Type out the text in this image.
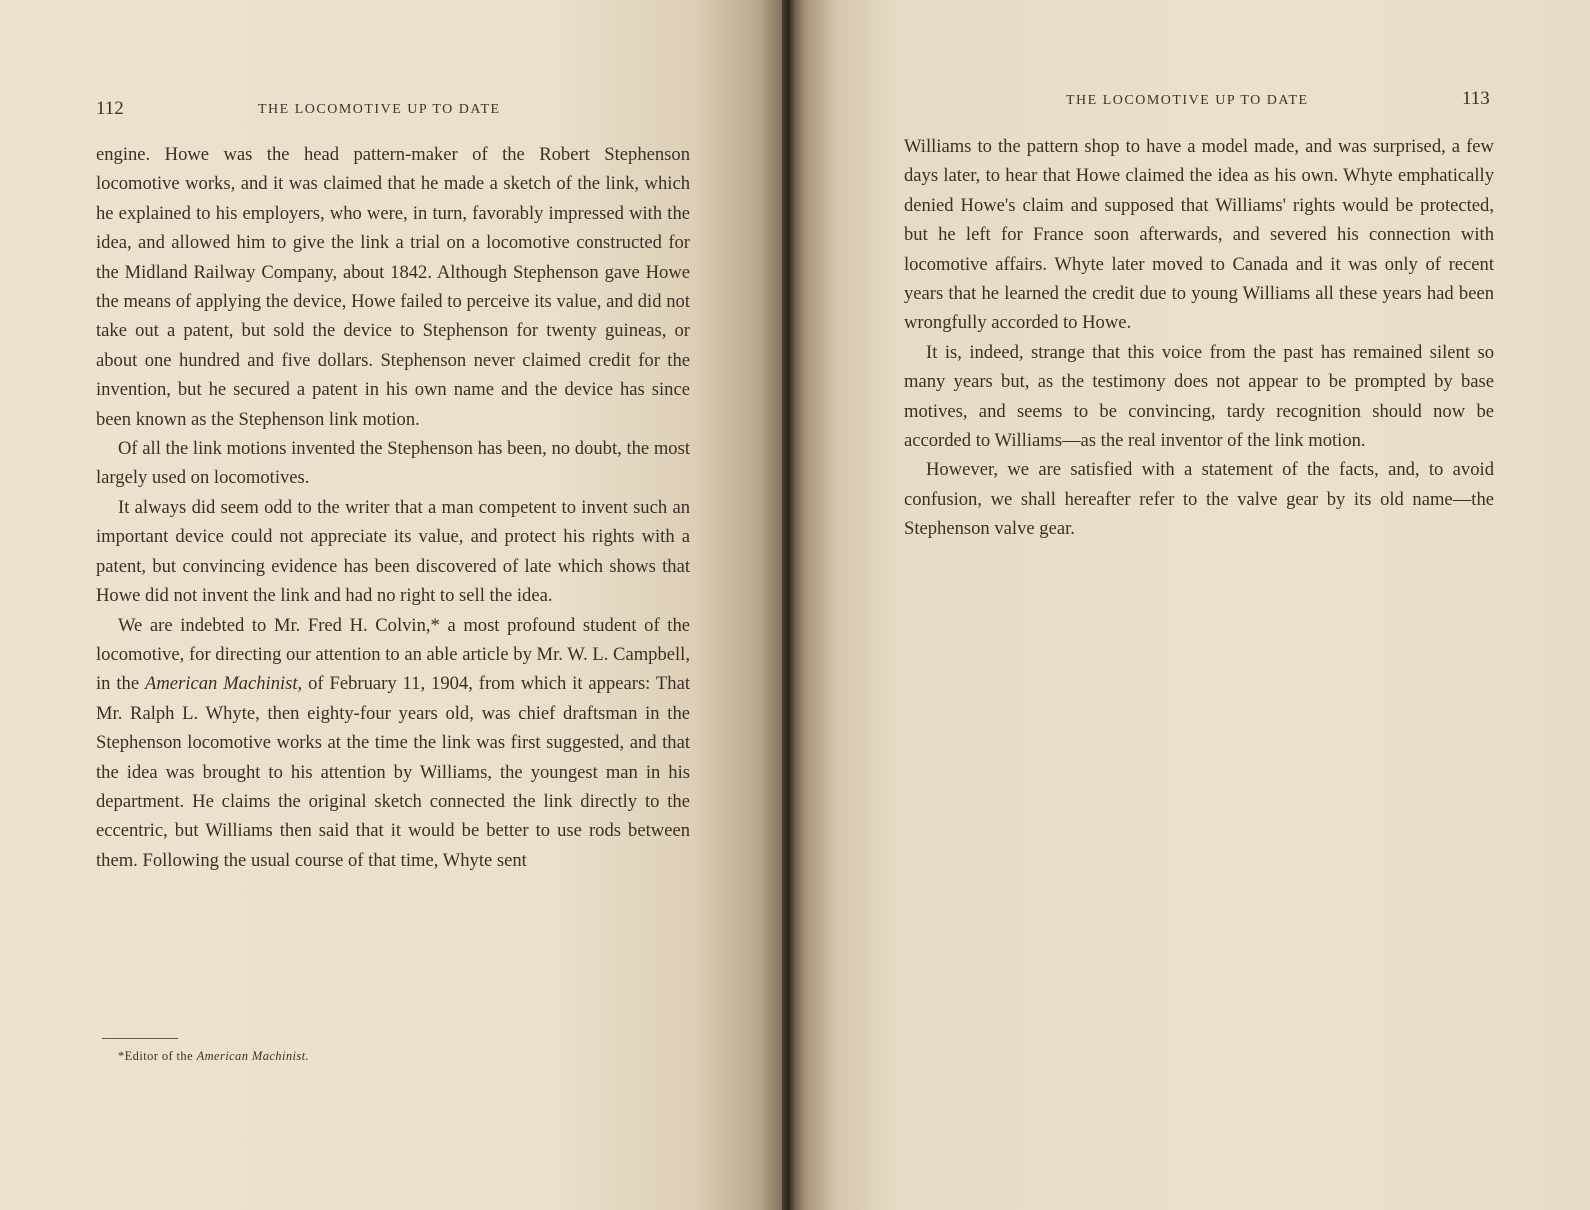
112	THE LOCOMOTIVE UP TO DATE

engine. Howe was the head pattern-maker of the Robert Stephenson locomotive works, and it was claimed that he made a sketch of the link, which he explained to his employers, who were, in turn, favorably impressed with the idea, and allowed him to give the link a trial on a locomotive constructed for the Midland Railway Company, about 1842. Although Stephenson gave Howe the means of applying the device, Howe failed to perceive its value, and did not take out a patent, but sold the device to Stephenson for twenty guineas, or about one hundred and five dollars. Stephenson never claimed credit for the invention, but he secured a patent in his own name and the device has since been known as the Stephenson link motion.

Of all the link motions invented the Stephenson has been, no doubt, the most largely used on locomotives.

It always did seem odd to the writer that a man competent to invent such an important device could not appreciate its value, and protect his rights with a patent, but convincing evidence has been discovered of late which shows that Howe did not invent the link and had no right to sell the idea.

We are indebted to Mr. Fred H. Colvin,* a most profound student of the locomotive, for directing our attention to an able article by Mr. W. L. Campbell, in the American Machinist, of February 11, 1904, from which it appears: That Mr. Ralph L. Whyte, then eighty-four years old, was chief draftsman in the Stephenson locomotive works at the time the link was first suggested, and that the idea was brought to his attention by Williams, the youngest man in his department. He claims the original sketch connected the link directly to the eccentric, but Williams then said that it would be better to use rods between them. Following the usual course of that time, Whyte sent

*Editor of the American Machinist.
THE LOCOMOTIVE UP TO DATE	113

Williams to the pattern shop to have a model made, and was surprised, a few days later, to hear that Howe claimed the idea as his own. Whyte emphatically denied Howe's claim and supposed that Williams' rights would be protected, but he left for France soon afterwards, and severed his connection with locomotive affairs. Whyte later moved to Canada and it was only of recent years that he learned the credit due to young Williams all these years had been wrongfully accorded to Howe.

It is, indeed, strange that this voice from the past has remained silent so many years but, as the testimony does not appear to be prompted by base motives, and seems to be convincing, tardy recognition should now be accorded to Williams—as the real inventor of the link motion.

However, we are satisfied with a statement of the facts, and, to avoid confusion, we shall hereafter refer to the valve gear by its old name—the Stephenson valve gear.
